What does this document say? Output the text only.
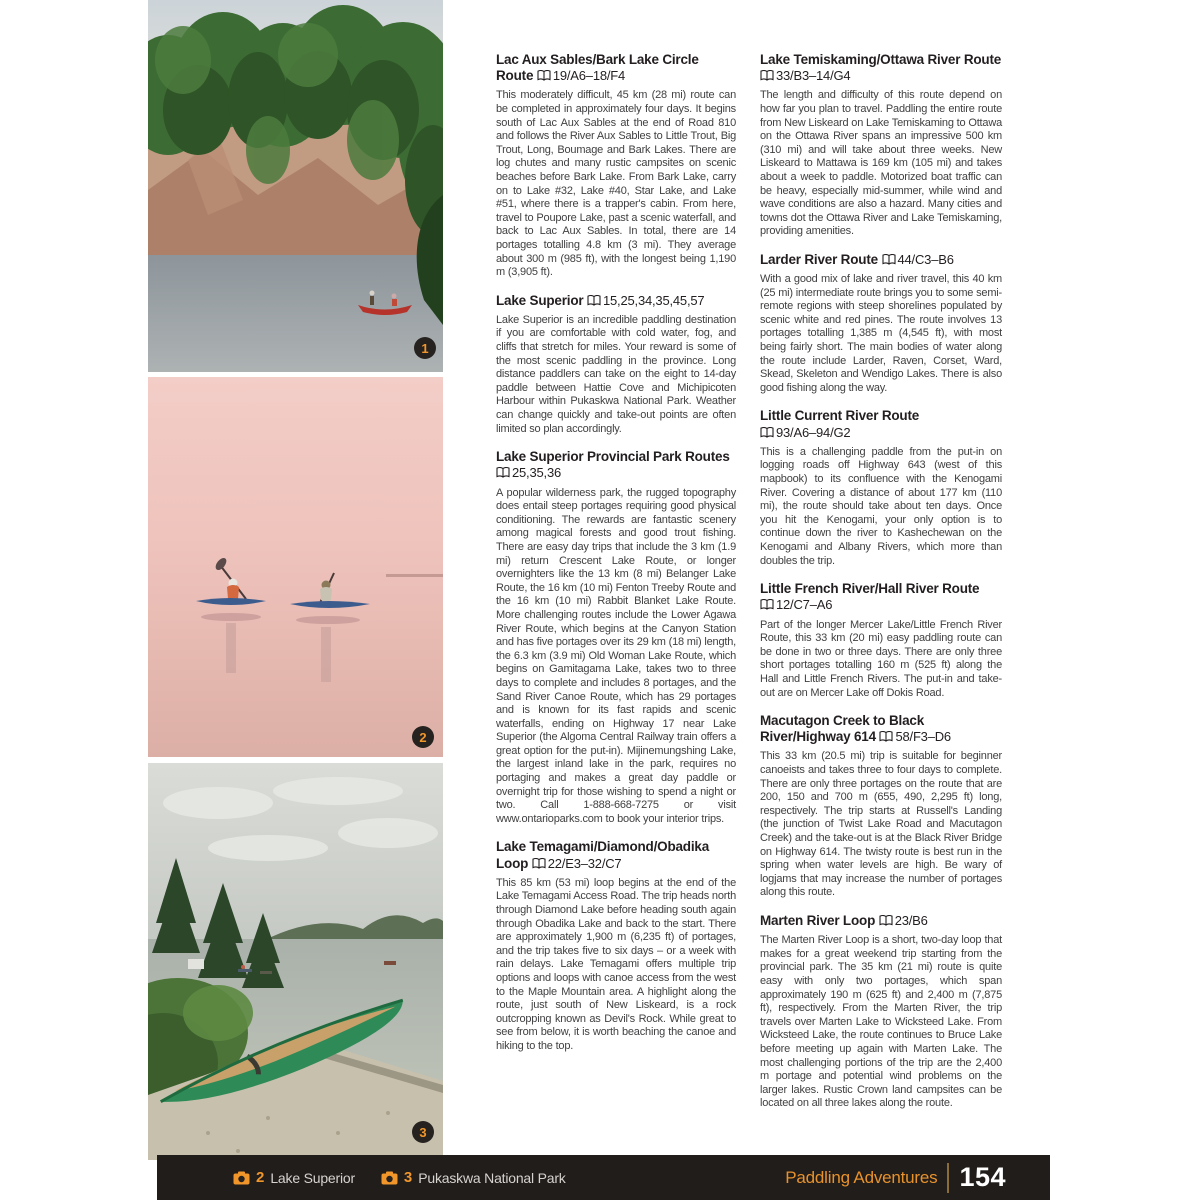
1
2
3
Lac Aux Sables/Bark Lake Circle Route 19/A6–18/F4

This moderately difficult, 45 km (28 mi) route can be completed in approximately four days. It begins south of Lac Aux Sables at the end of Road 810 and follows the River Aux Sables to Little Trout, Big Trout, Long, Boumage and Bark Lakes. There are log chutes and many rustic campsites on scenic beaches before Bark Lake. From Bark Lake, carry on to Lake #32, Lake #40, Star Lake, and Lake #51, where there is a trapper's cabin. From here, travel to Poupore Lake, past a scenic waterfall, and back to Lac Aux Sables. In total, there are 14 portages totalling 4.8 km (3 mi). They average about 300 m (985 ft), with the longest being 1,190 m (3,905 ft).

Lake Superior 15,25,34,35,45,57

Lake Superior is an incredible paddling destination if you are comfortable with cold water, fog, and cliffs that stretch for miles. Your reward is some of the most scenic paddling in the province. Long distance paddlers can take on the eight to 14-day paddle between Hattie Cove and Michipicoten Harbour within Pukaskwa National Park. Weather can change quickly and take-out points are often limited so plan accordingly.

Lake Superior Provincial Park Routes 25,35,36

A popular wilderness park, the rugged topography does entail steep portages requiring good physical conditioning. The rewards are fantastic scenery among magical forests and good trout fishing. There are easy day trips that include the 3 km (1.9 mi) return Crescent Lake Route, or longer overnighters like the 13 km (8 mi) Belanger Lake Route, the 16 km (10 mi) Fenton Treeby Route and the 16 km (10 mi) Rabbit Blanket Lake Route. More challenging routes include the Lower Agawa River Route, which begins at the Canyon Station and has five portages over its 29 km (18 mi) length, the 6.3 km (3.9 mi) Old Woman Lake Route, which begins on Gamitagama Lake, takes two to three days to complete and includes 8 portages, and the Sand River Canoe Route, which has 29 portages and is known for its fast rapids and scenic waterfalls, ending on Highway 17 near Lake Superior (the Algoma Central Railway train offers a great option for the put-in). Mijinemungshing Lake, the largest inland lake in the park, requires no portaging and makes a great day paddle or overnight trip for those wishing to spend a night or two. Call 1-888-668-7275 or visit www.ontarioparks.com to book your interior trips.

Lake Temagami/Diamond/Obadika Loop 22/E3–32/C7

This 85 km (53 mi) loop begins at the end of the Lake Temagami Access Road. The trip heads north through Diamond Lake before heading south again through Obadika Lake and back to the start. There are approximately 1,900 m (6,235 ft) of portages, and the trip takes five to six days – or a week with rain delays. Lake Temagami offers multiple trip options and loops with canoe access from the west to the Maple Mountain area. A highlight along the route, just south of New Liskeard, is a rock outcropping known as Devil's Rock. While great to see from below, it is worth beaching the canoe and hiking to the top.

Lake Temiskaming/Ottawa River Route 33/B3–14/G4

The length and difficulty of this route depend on how far you plan to travel. Paddling the entire route from New Liskeard on Lake Temiskaming to Ottawa on the Ottawa River spans an impressive 500 km (310 mi) and will take about three weeks. New Liskeard to Mattawa is 169 km (105 mi) and takes about a week to paddle. Motorized boat traffic can be heavy, especially mid-summer, while wind and wave conditions are also a hazard. Many cities and towns dot the Ottawa River and Lake Temiskaming, providing amenities.

Larder River Route 44/C3–B6

With a good mix of lake and river travel, this 40 km (25 mi) intermediate route brings you to some semi-remote regions with steep shorelines populated by scenic white and red pines. The route involves 13 portages totalling 1,385 m (4,545 ft), with most being fairly short. The main bodies of water along the route include Larder, Raven, Corset, Ward, Skead, Skeleton and Wendigo Lakes. There is also good fishing along the way.

Little Current River Route 93/A6–94/G2

This is a challenging paddle from the put-in on logging roads off Highway 643 (west of this mapbook) to its confluence with the Kenogami River. Covering a distance of about 177 km (110 mi), the route should take about ten days. Once you hit the Kenogami, your only option is to continue down the river to Kashechewan on the Kenogami and Albany Rivers, which more than doubles the trip.

Little French River/Hall River Route 12/C7–A6

Part of the longer Mercer Lake/Little French River Route, this 33 km (20 mi) easy paddling route can be done in two or three days. There are only three short portages totalling 160 m (525 ft) along the Hall and Little French Rivers. The put-in and take-out are on Mercer Lake off Dokis Road.

Macutagon Creek to Black River/Highway 614 58/F3–D6

This 33 km (20.5 mi) trip is suitable for beginner canoeists and takes three to four days to complete. There are only three portages on the route that are 200, 150 and 700 m (655, 490, 2,295 ft) long, respectively. The trip starts at Russell's Landing (the junction of Twist Lake Road and Macutagon Creek) and the take-out is at the Black River Bridge on Highway 614. The twisty route is best run in the spring when water levels are high. Be wary of logjams that may increase the number of portages along this route.

Marten River Loop 23/B6

The Marten River Loop is a short, two-day loop that makes for a great weekend trip starting from the provincial park. The 35 km (21 mi) route is quite easy with only two portages, which span approximately 190 m (625 ft) and 2,400 m (7,875 ft), respectively. From the Marten River, the trip travels over Marten Lake to Wicksteed Lake. From Wicksteed Lake, the route continues to Bruce Lake before meeting up again with Marten Lake. The most challenging portions of the trip are the 2,400 m portage and potential wind problems on the larger lakes. Rustic Crown land campsites can be located on all three lakes along the route.

2 Lake Superior	3 Pukaskwa National Park	Paddling Adventures 154
